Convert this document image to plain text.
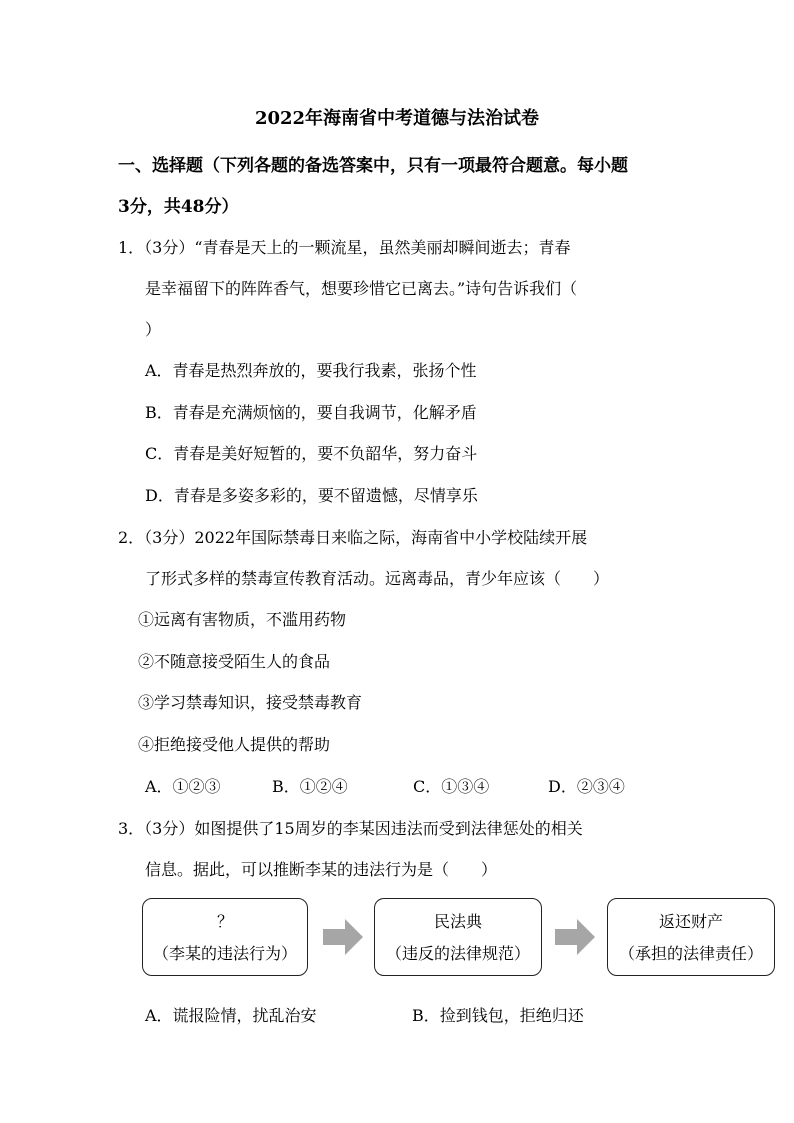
2022年海南省中考道德与法治试卷
一、选择题（下列各题的备选答案中，只有一项最符合题意。每小题
3分，共48分）
1．（3分）“青春是天上的一颗流星，虽然美丽却瞬间逝去；青春
是幸福留下的阵阵香气，想要珍惜它已离去。”诗句告诉我们（
）
A．青春是热烈奔放的，要我行我素，张扬个性
B．青春是充满烦恼的，要自我调节，化解矛盾
C．青春是美好短暂的，要不负韶华，努力奋斗
D．青春是多姿多彩的，要不留遗憾，尽情享乐
2．（3分）2022年国际禁毒日来临之际，海南省中小学校陆续开展
了形式多样的禁毒宣传教育活动。远离毒品，青少年应该（　　）
①远离有害物质，不滥用药物
②不随意接受陌生人的食品
③学习禁毒知识，接受禁毒教育
④拒绝接受他人提供的帮助
A．①②③	B．①②④	C．①③④	D．②③④
3．（3分）如图提供了15周岁的李某因违法而受到法律惩处的相关
信息。据此，可以推断李某的违法行为是（　　）
？
（李某的违法行为）
民法典
（违反的法律规范）
返还财产
（承担的法律责任）
A．谎报险情，扰乱治安	B．捡到钱包，拒绝归还
